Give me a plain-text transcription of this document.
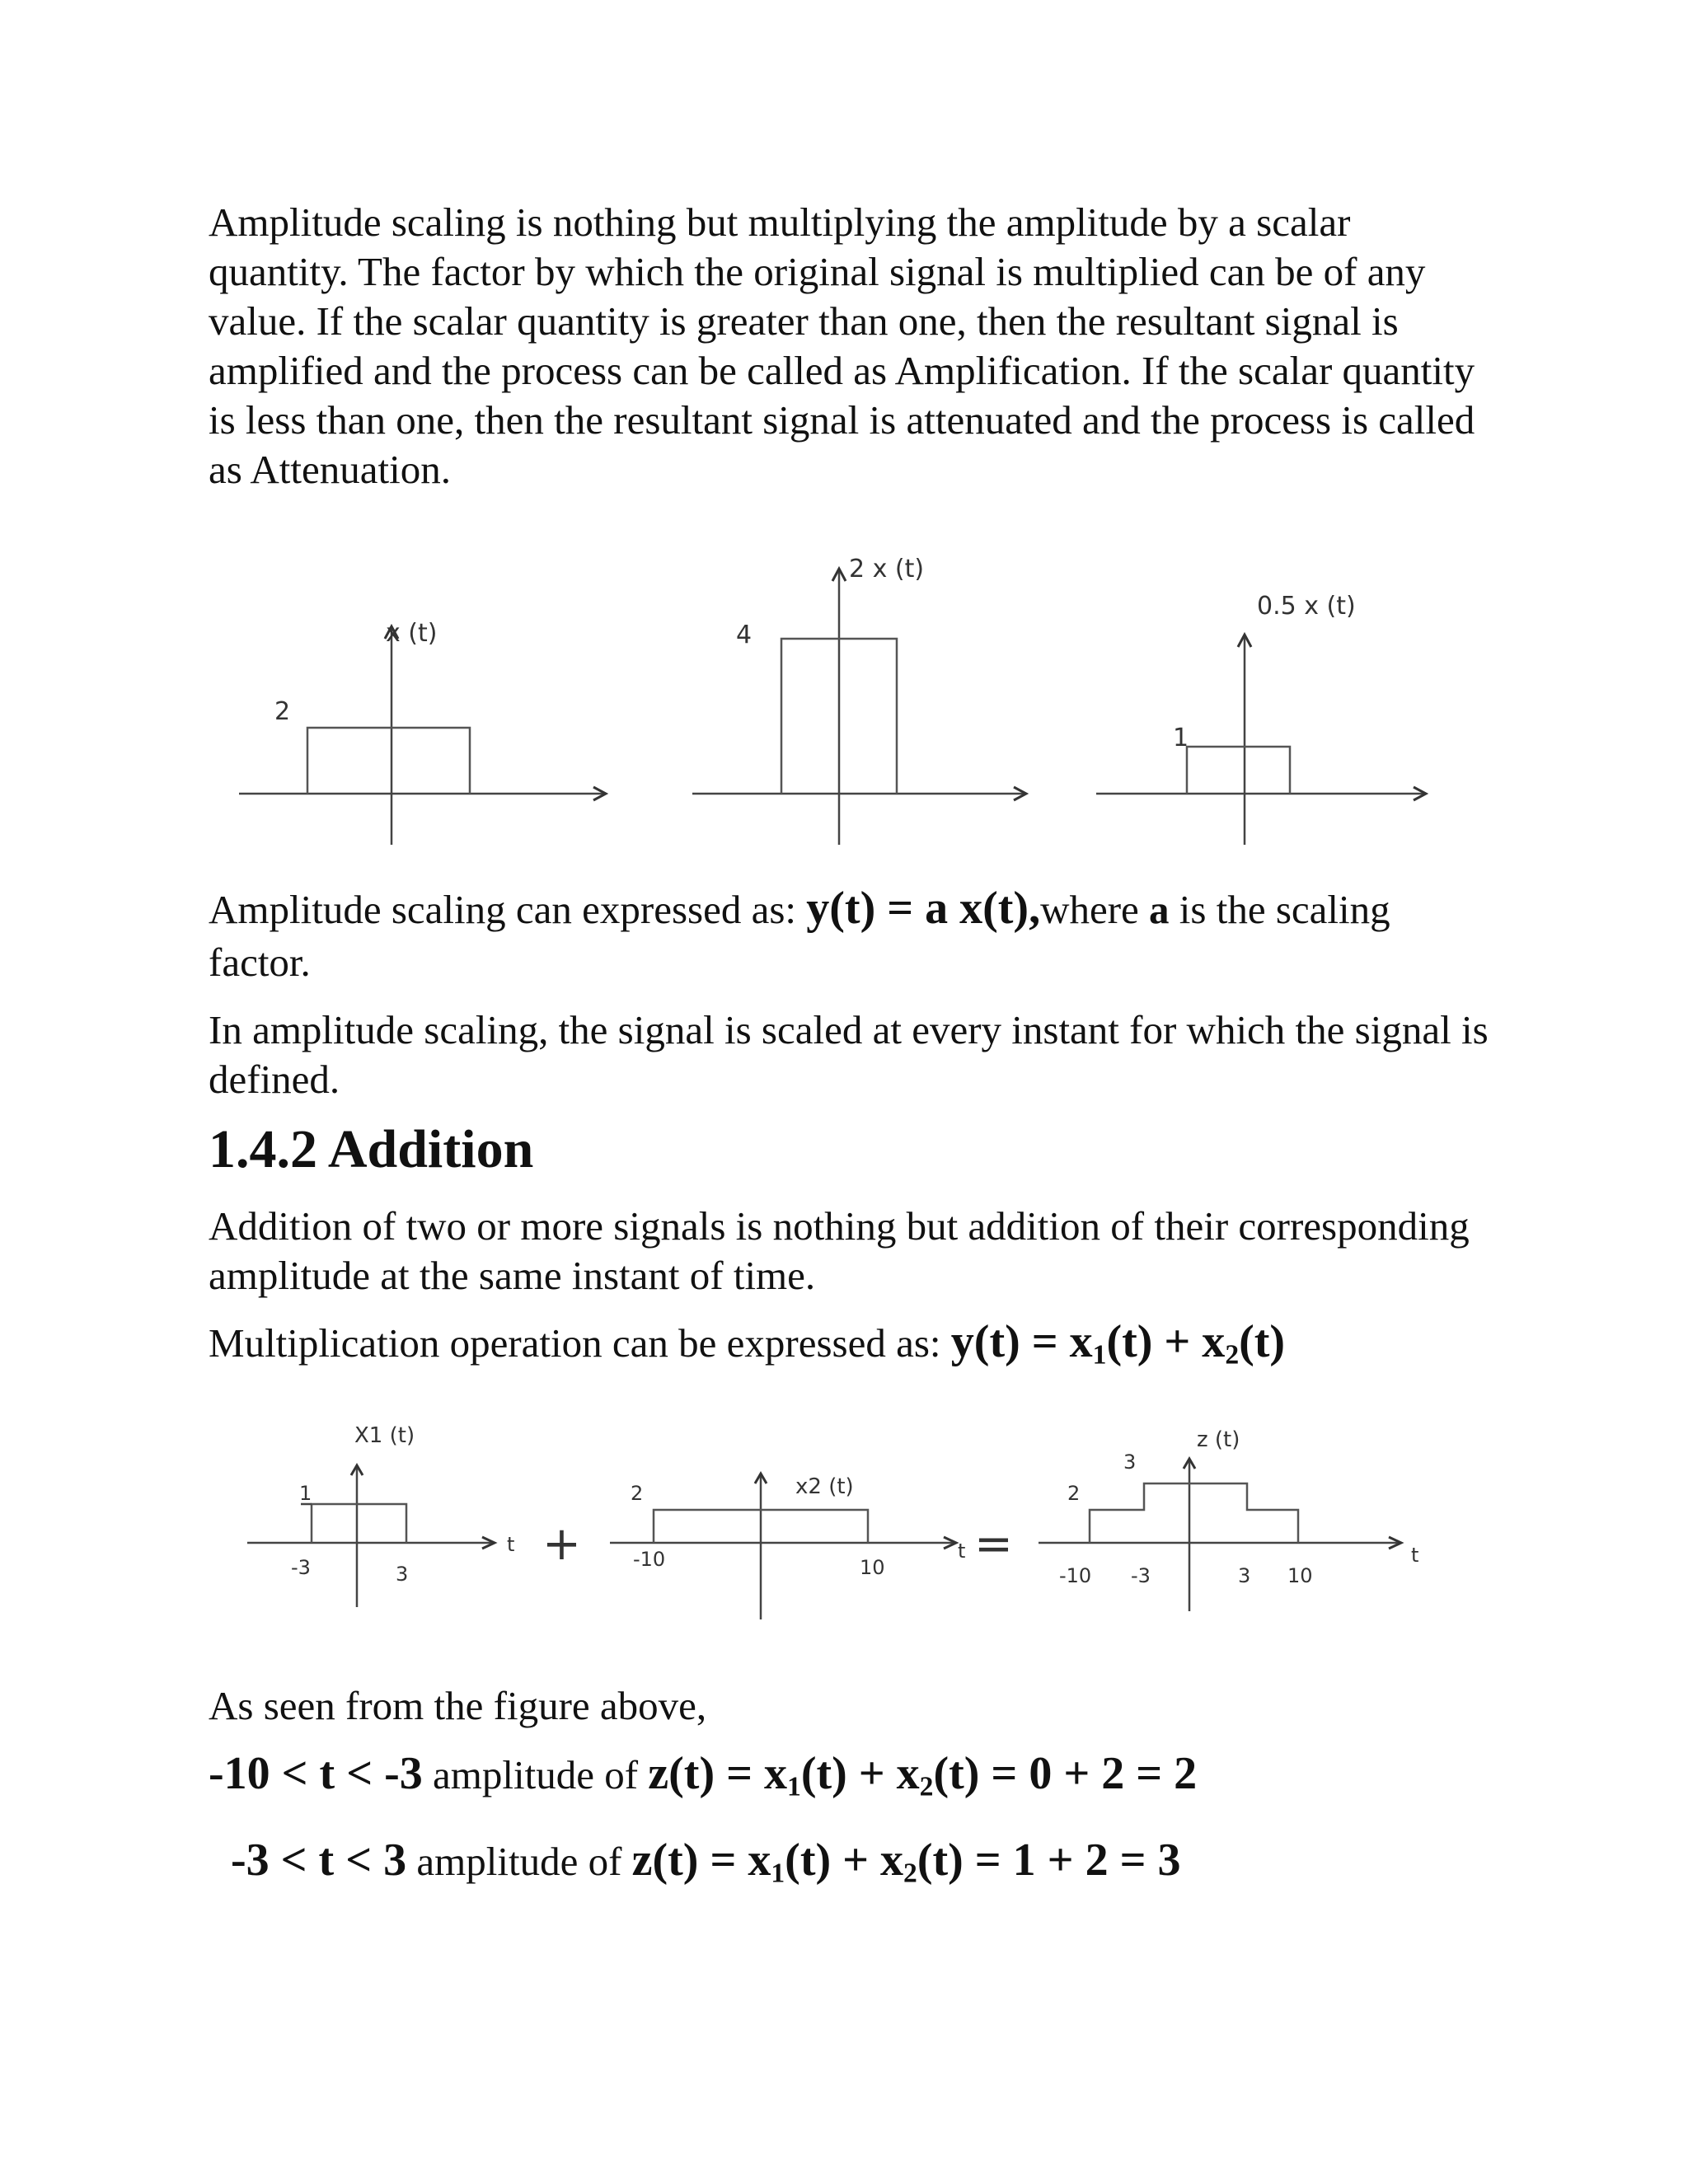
Amplitude scaling is nothing but multiplying the amplitude by a scalar quantity. The factor by which the original signal is multiplied can be of any value. If the scalar quantity is greater than one, then the resultant signal is amplified and the process can be called as Amplification. If the scalar quantity is less than one, then the resultant signal is attenuated and the process is called as Attenuation.

x (t)
2
2 x (t)
4
0.5 x (t)
1

Amplitude scaling can expressed as: y(t) = a x(t),where a is the scaling factor.

In amplitude scaling, the signal is scaled at every instant for which the signal is defined.

1.4.2 Addition

Addition of two or more signals is nothing but addition of their corresponding amplitude at the same instant of time.

Multiplication operation can be expressed as: $y(t) = x_1(t) + x_2(t)$

X1 (t)
1
-3	3
t +
x2 (t)
2
-10	10
t =
z (t)
2
3
-10 -3	3 10
t

As seen from the figure above,

-10 < t < -3 amplitude of $z(t) = x_1(t) + x_2(t) = 0 + 2 = 2$
-3 < t < 3 amplitude of $z(t) = x_1(t) + x_2(t) = 1 + 2 = 3$
